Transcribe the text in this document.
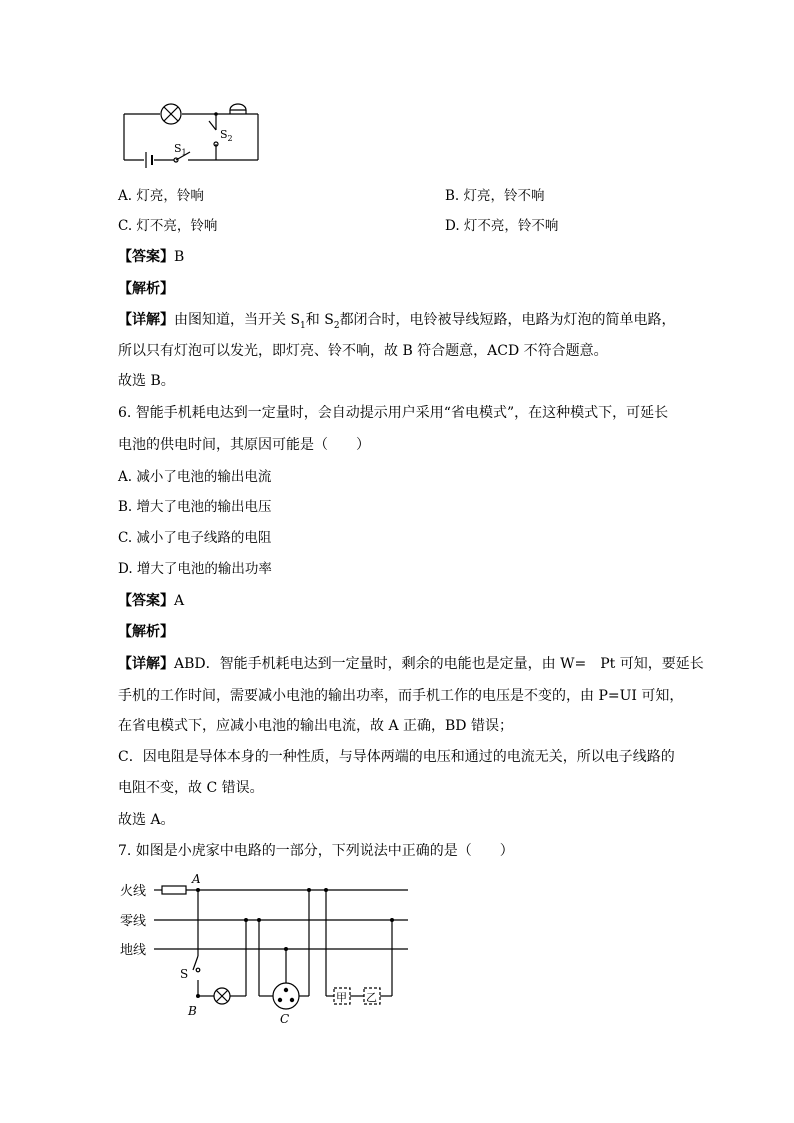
$S_1$
$S_2$
A. 灯亮，铃响	B. 灯亮，铃不响
C. 灯不亮，铃响	D. 灯不亮，铃不响
【答案】B
【解析】
【详解】由图知道，当开关 $S_1$和 $S_2$都闭合时，电铃被导线短路，电路为灯泡的简单电路，
所以只有灯泡可以发光，即灯亮、铃不响，故 B 符合题意，ACD 不符合题意。
故选 B。
6. 智能手机耗电达到一定量时，会自动提示用户采用“省电模式”，在这种模式下，可延长
电池的供电时间，其原因可能是（　　）
A. 减小了电池的输出电流
B. 增大了电池的输出电压
C. 减小了电子线路的电阻
D. 增大了电池的输出功率
【答案】A
【解析】
【详解】ABD．智能手机耗电达到一定量时，剩余的电能也是定量，由 W=　Pt 可知，要延长
手机的工作时间，需要减小电池的输出功率，而手机工作的电压是不变的，由 P=UI 可知，
在省电模式下，应减小电池的输出电流，故 A 正确，BD 错误；
C．因电阻是导体本身的一种性质，与导体两端的电压和通过的电流无关，所以电子线路的
电阻不变，故 C 错误。
故选 A。
7. 如图是小虎家中电路的一部分，下列说法中正确的是（　　）
火线
零线
地线
A
B
C
S
甲 乙
